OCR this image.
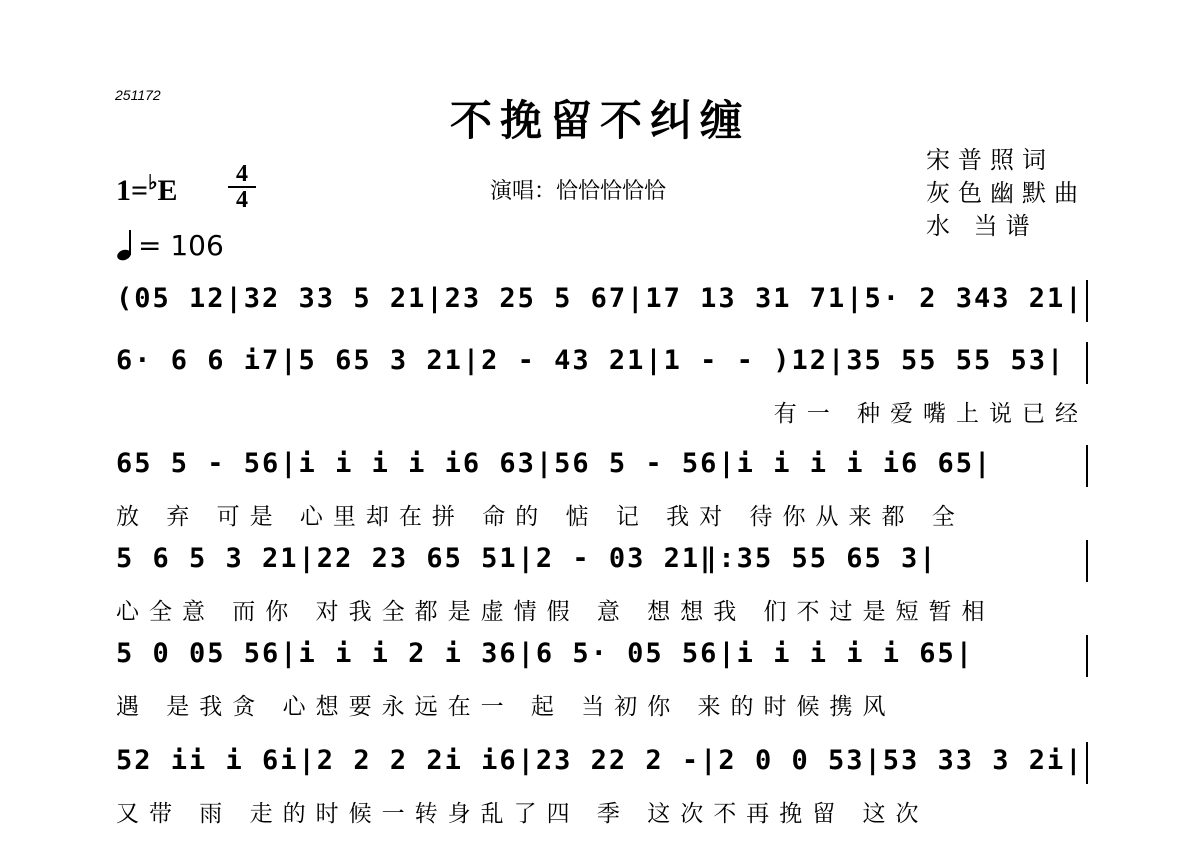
251172
不挽留不纠缠
1=♭E	4
4	演唱：恰恰恰恰恰
宋普照词
灰色幽默曲
水 当谱
= 106
(05 12|32 33 5 21|23 25 5 67|17 13 31 71|5· 2 343 21|
6· 6 6 i7|5 65 3 21|2 - 43 21|1 - - )12|35 55 55 53|
有一 种爱嘴上说已经
65 5 - 56|i i i i i6 63|56 5 - 56|i i i i i6 65|
放 弃 可是 心里却在拼 命的 惦 记 我对 待你从来都 全
5 6 5 3 21|22 23 65 51|2 - 03 21‖:35 55 65 3|
心全意 而你 对我全都是虚情假 意 想想我 们不过是短暂相
5 0 05 56|i i i 2 i 36|6 5· 05 56|i i i i i 65|
遇 是我贪 心想要永远在一 起 当初你 来的时候携风
52 ii i 6i|2 2 2 2i i6|23 22 2 -|2 0 0 53|53 33 3 2i|
又带 雨 走的时候一转身乱了四 季 这次不再挽留 这次
